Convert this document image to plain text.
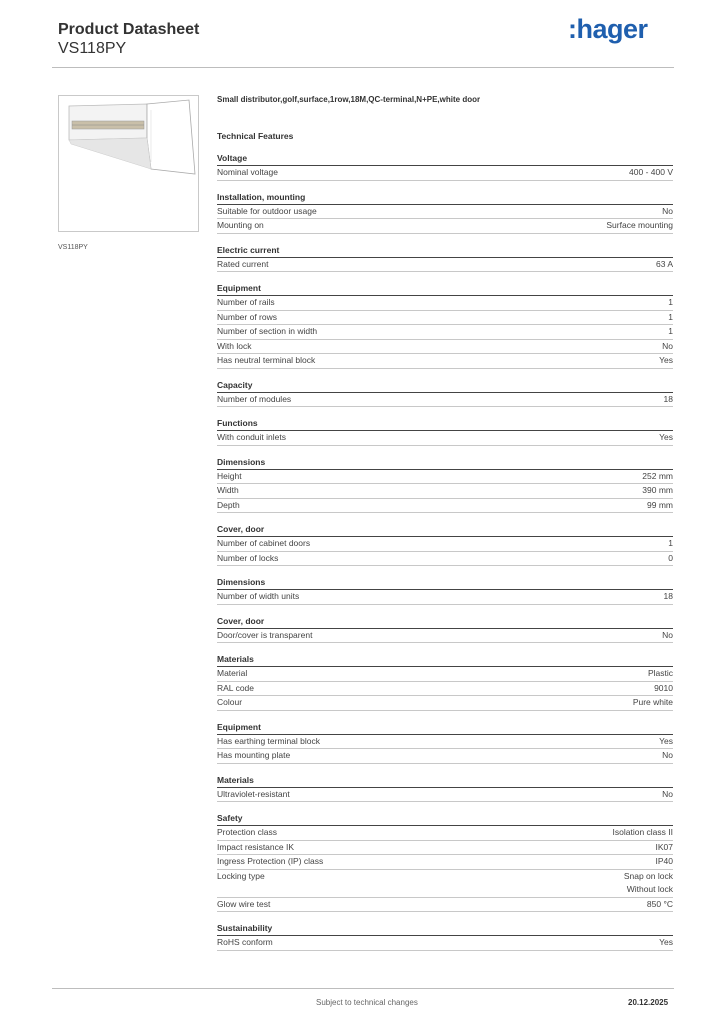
Product Datasheet
VS118PY
:hager
VS118PY
Small distributor,golf,surface,1row,18M,QC-terminal,N+PE,white door
Technical Features
Voltage
Nominal voltage	400 - 400 V
Installation, mounting
Suitable for outdoor usage	No
Mounting on	Surface mounting
Electric current
Rated current	63 A
Equipment
Number of rails	1
Number of rows	1
Number of section in width	1
With lock	No
Has neutral terminal block	Yes
Capacity
Number of modules	18
Functions
With conduit inlets	Yes
Dimensions
Height	252 mm
Width	390 mm
Depth	99 mm
Cover, door
Number of cabinet doors	1
Number of locks	0
Dimensions
Number of width units	18
Cover, door
Door/cover is transparent	No
Materials
Material	Plastic
RAL code	9010
Colour	Pure white
Equipment
Has earthing terminal block	Yes
Has mounting plate	No
Materials
Ultraviolet-resistant	No
Safety
Protection class	Isolation class II
Impact resistance IK	IK07
Ingress Protection (IP) class	IP40
Locking type	Snap on lock
Without lock
Glow wire test	850 °C
Sustainability
RoHS conform	Yes
Subject to technical changes	20.12.2025
